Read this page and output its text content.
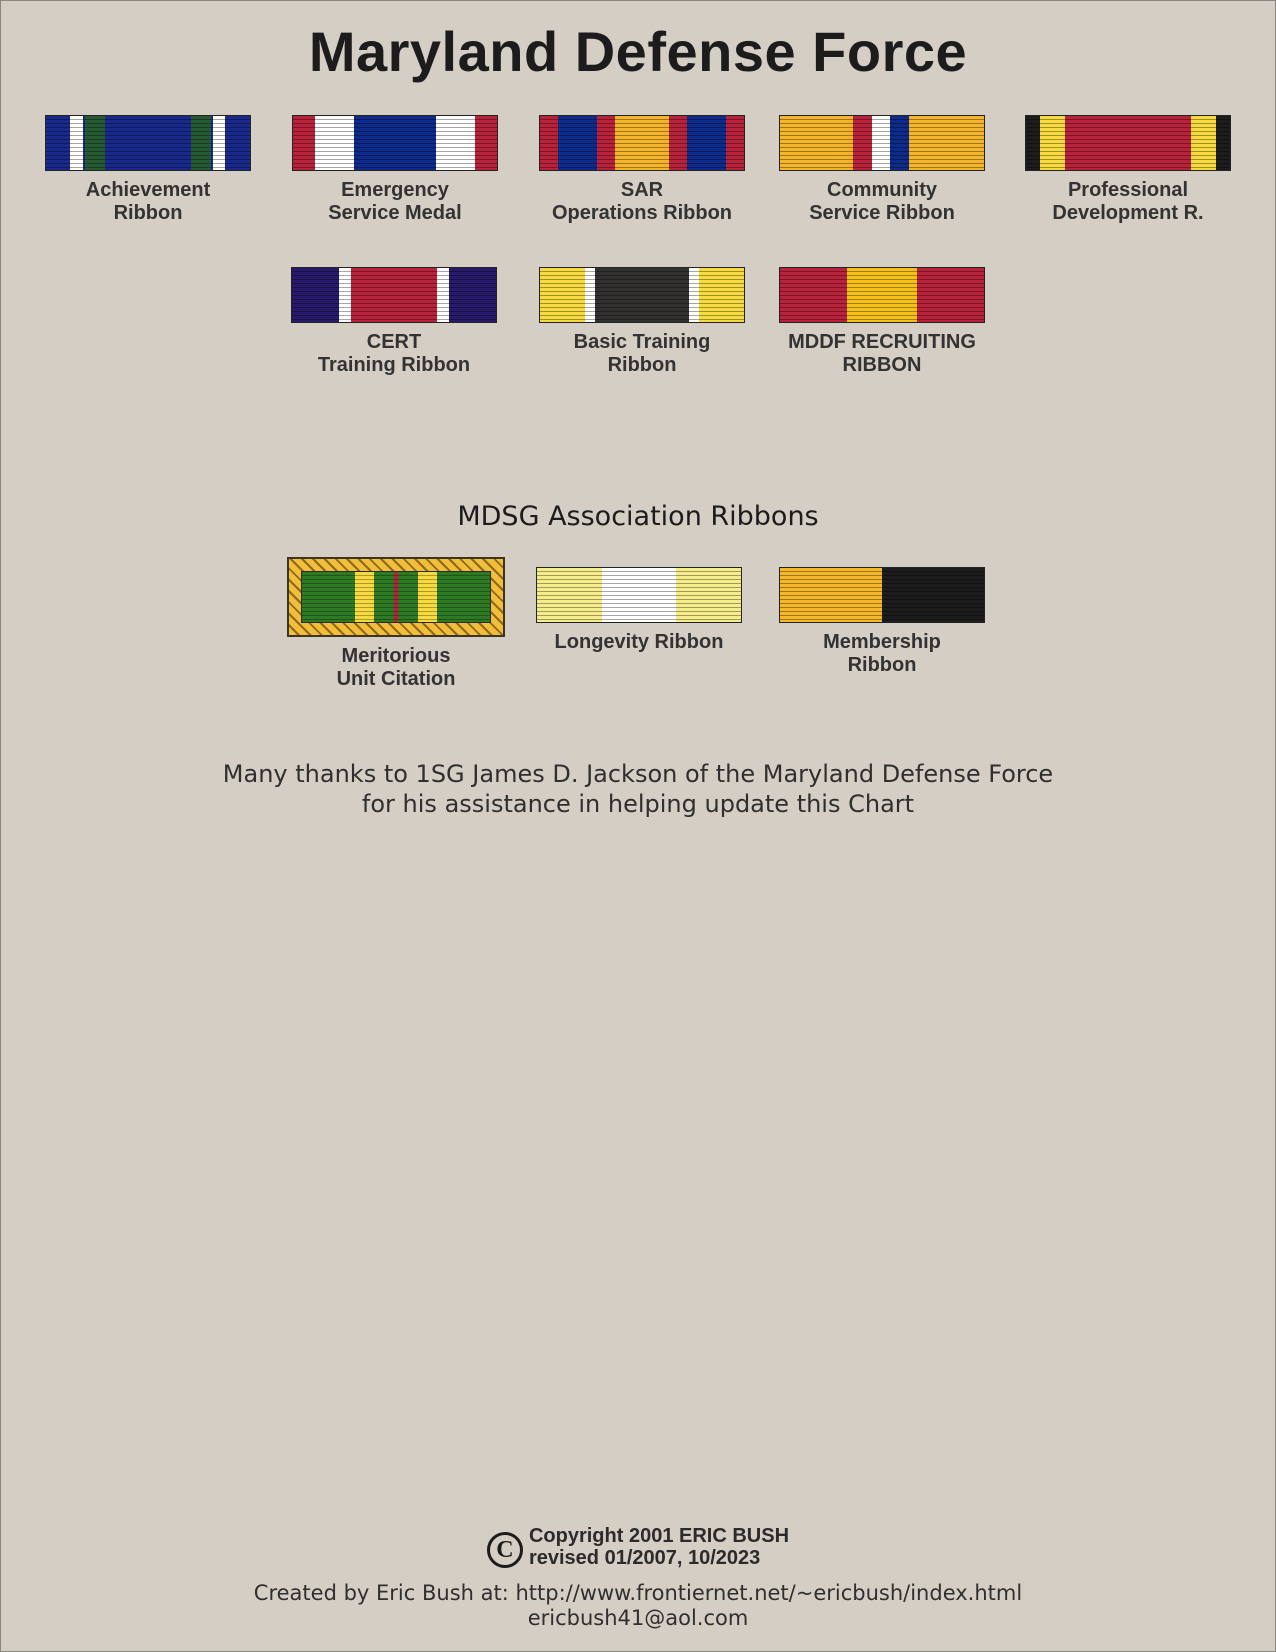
Maryland Defense Force
Achievement
Ribbon
Emergency
Service Medal
SAR
Operations Ribbon
Community
Service Ribbon
Professional
Development R.
CERT
Training Ribbon
Basic Training
Ribbon
MDDF RECRUITING
RIBBON
MDSG Association Ribbons
Meritorious
Unit Citation
Longevity Ribbon	Membership
Ribbon
Many thanks to 1SG James D. Jackson of the Maryland Defense Force
for his assistance in helping update this Chart
C
Copyright 2001 ERIC BUSH
revised 01/2007, 10/2023
Created by Eric Bush at: http://www.frontiernet.net/~ericbush/index.html
ericbush41@aol.com
